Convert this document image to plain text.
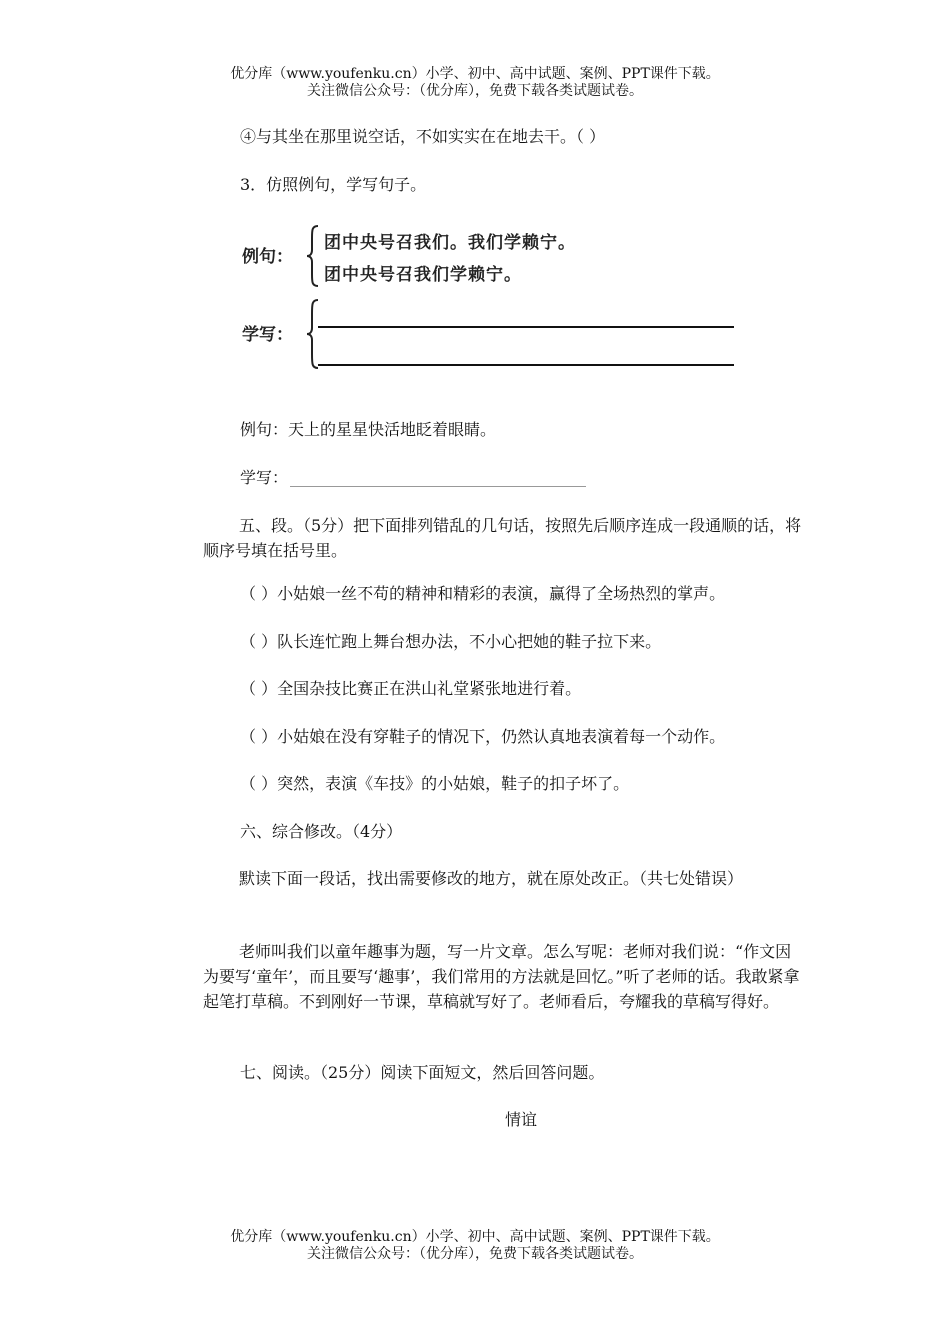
优分库（www.youfenku.cn）小学、初中、高中试题、案例、PPT课件下载。
关注微信公众号：（优分库），免费下载各类试题试卷。
④与其坐在那里说空话，不如实实在在地去干。（ ）
3．仿照例句，学写句子。
例句：
团中央号召我们。我们学赖宁。
团中央号召我们学赖宁。
学写：
例句：天上的星星快活地眨着眼睛。
学写：
五、段。（5分）把下面排列错乱的几句话，按照先后顺序连成一段通顺的话，将顺序号填在括号里。
（ ）小姑娘一丝不苟的精神和精彩的表演，赢得了全场热烈的掌声。
（ ）队长连忙跑上舞台想办法，不小心把她的鞋子拉下来。
（ ）全国杂技比赛正在洪山礼堂紧张地进行着。
（ ）小姑娘在没有穿鞋子的情况下，仍然认真地表演着每一个动作。
（ ）突然，表演《车技》的小姑娘，鞋子的扣子坏了。
六、综合修改。（4分）
默读下面一段话，找出需要修改的地方，就在原处改正。（共七处错误）
老师叫我们以童年趣事为题，写一片文章。怎么写呢：老师对我们说：“作文因为要写‘童年’，而且要写‘趣事’，我们常用的方法就是回忆。”听了老师的话。我敢紧拿起笔打草稿。不到刚好一节课，草稿就写好了。老师看后，夸耀我的草稿写得好。
七、阅读。（25分）阅读下面短文，然后回答问题。
情谊
优分库（www.youfenku.cn）小学、初中、高中试题、案例、PPT课件下载。
关注微信公众号：（优分库），免费下载各类试题试卷。
